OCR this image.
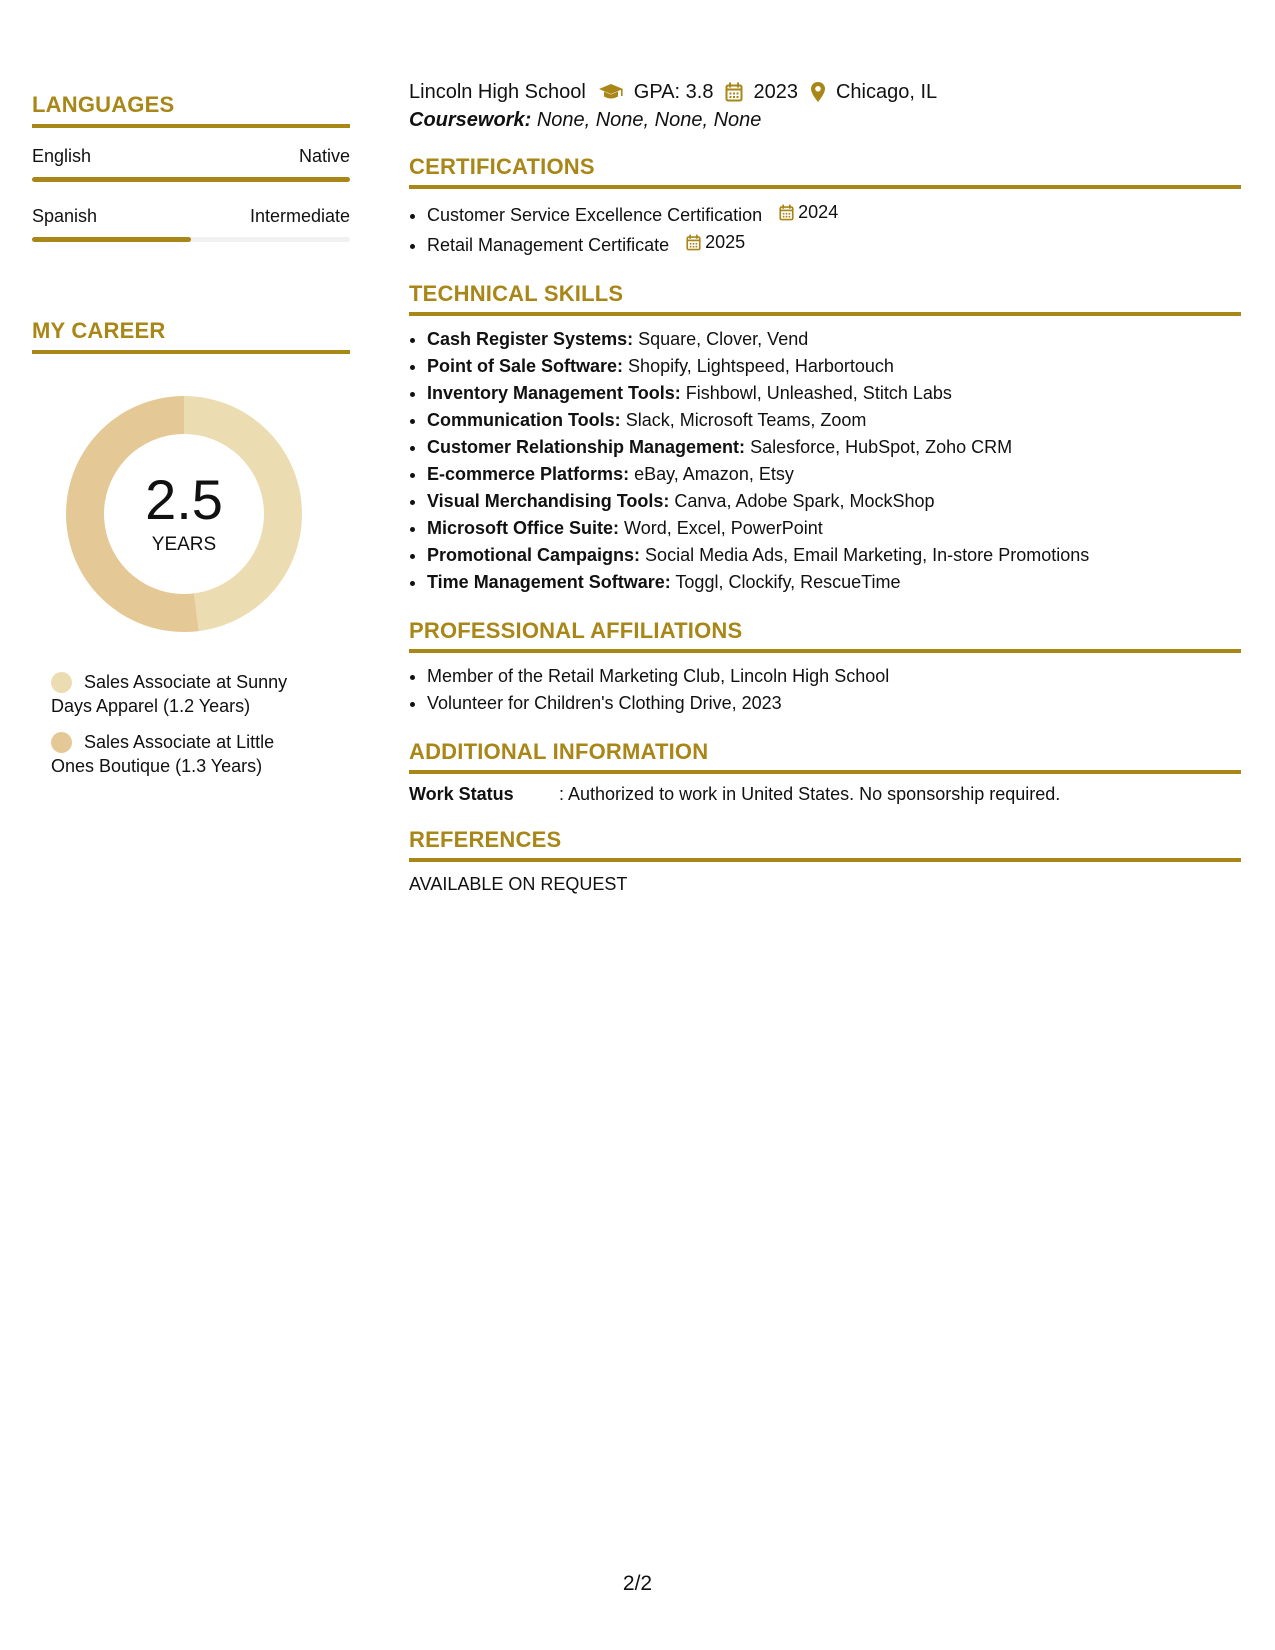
LANGUAGES
English	Native
Spanish	Intermediate
MY CAREER
2.5
YEARS
Sales Associate at Sunny Days Apparel (1.2 Years)
Sales Associate at Little Ones Boutique (1.3 Years)
Lincoln High School GPA: 3.8 2023 Chicago, IL
Coursework: None, None, None, None
CERTIFICATIONS
• Customer Service Excellence Certification 2024
• Retail Management Certificate 2025
TECHNICAL SKILLS
• Cash Register Systems: Square, Clover, Vend
• Point of Sale Software: Shopify, Lightspeed, Harbortouch
• Inventory Management Tools: Fishbowl, Unleashed, Stitch Labs
• Communication Tools: Slack, Microsoft Teams, Zoom
• Customer Relationship Management: Salesforce, HubSpot, Zoho CRM
• E-commerce Platforms: eBay, Amazon, Etsy
• Visual Merchandising Tools: Canva, Adobe Spark, MockShop
• Microsoft Office Suite: Word, Excel, PowerPoint
• Promotional Campaigns: Social Media Ads, Email Marketing, In-store Promotions
• Time Management Software: Toggl, Clockify, RescueTime
PROFESSIONAL AFFILIATIONS
• Member of the Retail Marketing Club, Lincoln High School
• Volunteer for Children's Clothing Drive, 2023
ADDITIONAL INFORMATION
Work Status	: Authorized to work in United States. No sponsorship required.
REFERENCES
AVAILABLE ON REQUEST
2/2
